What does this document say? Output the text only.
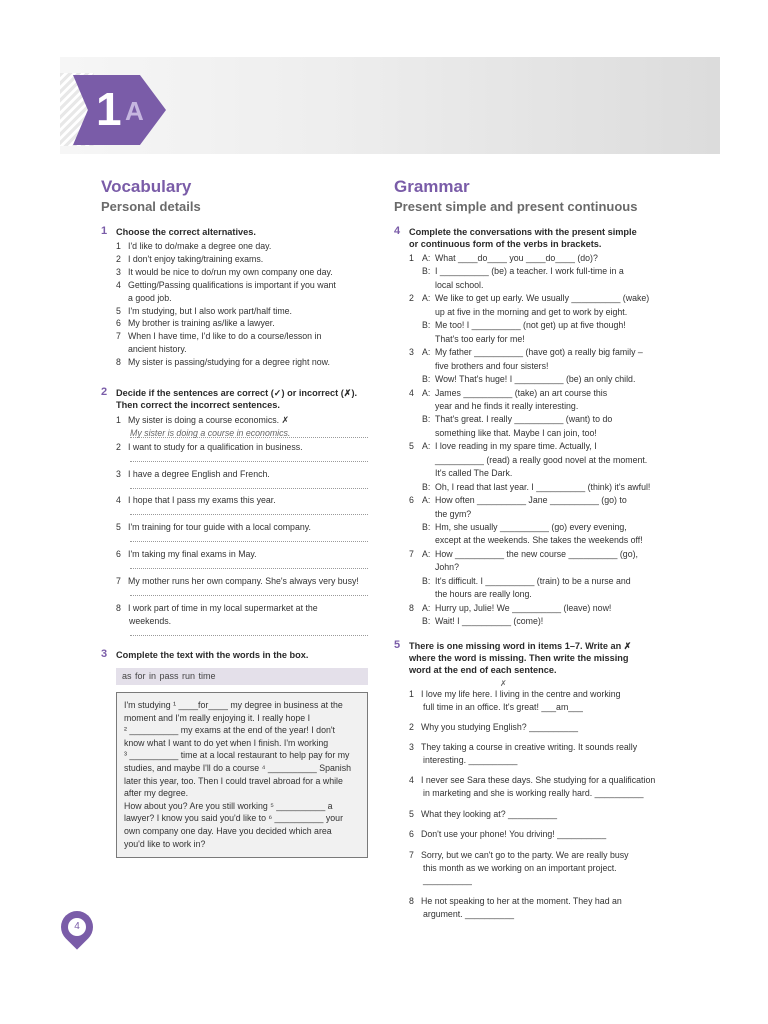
1 A
Vocabulary
Personal details
1 Choose the correct alternatives.
1 I'd like to do/make a degree one day.
2 I don't enjoy taking/training exams.
3 It would be nice to do/run my own company one day.
4 Getting/Passing qualifications is important if you want
a good job.
5 I'm studying, but I also work part/half time.
6 My brother is training as/like a lawyer.
7 When I have time, I'd like to do a course/lesson in
ancient history.
8 My sister is passing/studying for a degree right now.
2 Decide if the sentences are correct (✓) or incorrect (✗).
Then correct the incorrect sentences.
1 My sister is doing a course economics. ✗
2 I want to study for a qualification in business.
3 I have a degree English and French.
4 I hope that I pass my exams this year.
5 I'm training for tour guide with a local company.
6 I'm taking my final exams in May.
7 My mother runs her own company. She's always very busy!
8 I work part of time in my local supermarket at the
weekends.
My sister is doing a course in economics.
3 Complete the text with the words in the box.
as for in pass run time

I'm studying ¹ ____for____ my degree in business at the

moment and I'm really enjoying it. I really hope I

² __________ my exams at the end of the year! I don't

know what I want to do yet when I finish. I'm working

³ __________ time at a local restaurant to help pay for my

studies, and maybe I'll do a course ⁴ __________ Spanish

later this year, too. Then I could travel abroad for a while

after my degree.

How about you? Are you still working ⁵ __________ a

lawyer? I know you said you'd like to ⁶ __________ your

own company one day. Have you decided which area

you'd like to work in?

Grammar
Present simple and present continuous
4 Complete the conversations with the present simple
or continuous form of the verbs in brackets.
1 A: What ____do____ you ____do____ (do)?
B: I __________ (be) a teacher. I work full-time in a
local school.
2 A: We like to get up early. We usually __________ (wake)
up at five in the morning and get to work by eight.
B: Me too! I __________ (not get) up at five though!
That's too early for me!
3 A: My father __________ (have got) a really big family –
five brothers and four sisters!
B: Wow! That's huge! I __________ (be) an only child.
4 A: James __________ (take) an art course this
year and he finds it really interesting.
B: That's great. I really __________ (want) to do
something like that. Maybe I can join, too!
5 A: I love reading in my spare time. Actually, I
__________ (read) a really good novel at the moment.
It's called The Dark.
B: Oh, I read that last year. I __________ (think) it's awful!
6 A: How often __________ Jane __________ (go) to
the gym?
B: Hm, she usually __________ (go) every evening,
except at the weekends. She takes the weekends off!
7 A: How __________ the new course __________ (go),
John?
B: It's difficult. I __________ (train) to be a nurse and
the hours are really long.
8 A: Hurry up, Julie! We __________ (leave) now!
B: Wait! I __________ (come)!
5 There is one missing word in items 1–7. Write an ✗
where the word is missing. Then write the missing
word at the end of each sentence.
✗
1 I love my life here. I living in the centre and working
full time in an office. It's great! ___am___
2 Why you studying English? __________
3 They taking a course in creative writing. It sounds really
interesting. __________
4 I never see Sara these days. She studying for a qualification
in marketing and she is working really hard. __________
5 What they looking at? __________
6 Don't use your phone! You driving! __________
7 Sorry, but we can't go to the party. We are really busy
this month as we working on an important project.
8 He not speaking to her at the moment. They had an
argument. __________
__________
4
